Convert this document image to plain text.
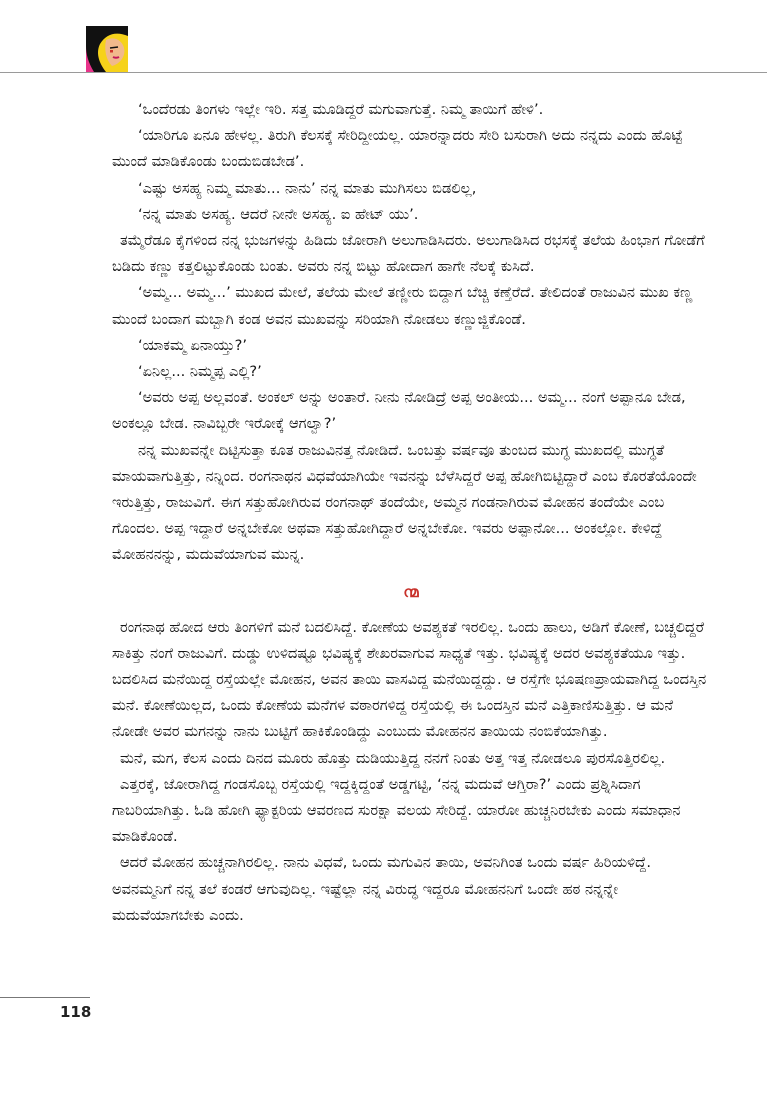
‘ಒಂದೆರಡು ತಿಂಗಳು ಇಲ್ಲೇ ಇರಿ. ಸತ್ತ ಮೂಡಿದ್ದರೆ ಮಗುವಾಗುತ್ತೆ. ನಿಮ್ಮ ತಾಯಿಗೆ ಹೇಳಿ’.

‘ಯಾರಿಗೂ ಏನೂ ಹೇಳಲ್ಲ. ತಿರುಗಿ ಕೆಲಸಕ್ಕೆ ಸೇರಿದ್ದೀಯಲ್ಲ. ಯಾರನ್ನಾದರು ಸೇರಿ ಬಸುರಾಗಿ ಅದು ನನ್ನದು ಎಂದು ಹೊಟ್ಟೆ ಮುಂದೆ ಮಾಡಿಕೊಂಡು ಬಂದುಬಿಡಬೇಡ’.

‘ಎಷ್ಟು ಅಸಹ್ಯ ನಿಮ್ಮ ಮಾತು... ನಾನು’ ನನ್ನ ಮಾತು ಮುಗಿಸಲು ಬಿಡಲಿಲ್ಲ,

‘ನನ್ನ ಮಾತು ಅಸಹ್ಯ. ಆದರೆ ನೀನೇ ಅಸಹ್ಯ. ಐ ಹೇಟ್ ಯು’.

ತಮ್ಮೆರೆಡೂ ಕೈಗಳಿಂದ ನನ್ನ ಭುಜಗಳನ್ನು ಹಿಡಿದು ಜೋರಾಗಿ ಅಲುಗಾಡಿಸಿದರು. ಅಲುಗಾಡಿಸಿದ ರಭಸಕ್ಕೆ ತಲೆಯ ಹಿಂಭಾಗ ಗೋಡೆಗೆ ಬಡಿದು ಕಣ್ಣು ಕತ್ತಲಿಟ್ಟುಕೊಂಡು ಬಂತು. ಅವರು ನನ್ನ ಬಿಟ್ಟು ಹೋದಾಗ ಹಾಗೇ ನೆಲಕ್ಕೆ ಕುಸಿದೆ.

‘ಅಮ್ಮ... ಅಮ್ಮ...’ ಮುಖದ ಮೇಲೆ, ತಲೆಯ ಮೇಲೆ ತಣ್ಣೀರು ಬಿದ್ದಾಗ ಬೆಚ್ಚಿ ಕಣ್ತೆರೆದೆ. ತೇಲಿದಂತೆ ರಾಜುವಿನ ಮುಖ ಕಣ್ಣ ಮುಂದೆ ಬಂದಾಗ ಮಬ್ಬಾಗಿ ಕಂಡ ಅವನ ಮುಖವನ್ನು ಸರಿಯಾಗಿ ನೋಡಲು ಕಣ್ಣುಜ್ಜಿಕೊಂಡೆ.

‘ಯಾಕಮ್ಮ ಏನಾಯ್ತು?’

‘ಏನಿಲ್ಲ... ನಿಮ್ಮಪ್ಪ ಎಲ್ಲಿ?’

‘ಅವರು ಅಪ್ಪ ಅಲ್ಲವಂತೆ. ಅಂಕಲ್ ಅನ್ನು ಅಂತಾರೆ. ನೀನು ನೋಡಿದ್ರೆ ಅಪ್ಪ ಅಂತೀಯ... ಅಮ್ಮ... ನಂಗೆ ಅಪ್ಪಾನೂ ಬೇಡ, ಅಂಕಲ್ಲೂ ಬೇಡ. ನಾವಿಬ್ಬರೇ ಇರೋಕ್ಕೆ ಆಗಲ್ವಾ?’

ನನ್ನ ಮುಖವನ್ನೇ ದಿಟ್ಟಿಸುತ್ತಾ ಕೂತ ರಾಜುವಿನತ್ತ ನೋಡಿದೆ. ಒಂಬತ್ತು ವರ್ಷವೂ ತುಂಬದ ಮುಗ್ಧ ಮುಖದಲ್ಲಿ ಮುಗ್ಧತೆ ಮಾಯವಾಗುತ್ತಿತ್ತು, ನನ್ನಿಂದ. ರಂಗನಾಥನ ವಿಧವೆಯಾಗಿಯೇ ಇವನನ್ನು ಬೆಳೆಸಿದ್ದರೆ ಅಪ್ಪ ಹೋಗಿಬಿಟ್ಟಿದ್ದಾರೆ ಎಂಬ ಕೊರತೆಯೊಂದೇ ಇರುತ್ತಿತ್ತು, ರಾಜುವಿಗೆ. ಈಗ ಸತ್ತುಹೋಗಿರುವ ರಂಗನಾಥ್ ತಂದೆಯೇ, ಅಮ್ಮನ ಗಂಡನಾಗಿರುವ ಮೋಹನ ತಂದೆಯೇ ಎಂಬ ಗೊಂದಲ. ಅಪ್ಪ ಇದ್ದಾರೆ ಅನ್ನಬೇಕೋ ಅಥವಾ ಸತ್ತುಹೋಗಿದ್ದಾರೆ ಅನ್ನಬೇಕೋ. ಇವರು ಅಪ್ಪಾನೋ... ಅಂಕಲ್ಲೋ. ಕೇಳಿದ್ದೆ ಮೋಹನನನ್ನು, ಮದುವೆಯಾಗುವ ಮುನ್ನ.

ന്മ

ರಂಗನಾಥ ಹೋದ ಆರು ತಿಂಗಳಿಗೆ ಮನೆ ಬದಲಿಸಿದ್ದೆ. ಕೋಣೆಯ ಅವಶ್ಯಕತೆ ಇರಲಿಲ್ಲ. ಒಂದು ಹಾಲು, ಅಡಿಗೆ ಕೋಣೆ, ಬಚ್ಚಲಿದ್ದರೆ ಸಾಕಿತ್ತು ನಂಗೆ ರಾಜುವಿಗೆ. ದುಡ್ಡು ಉಳಿದಷ್ಟೂ ಭವಿಷ್ಯಕ್ಕೆ ಶೇಖರವಾಗುವ ಸಾಧ್ಯತೆ ಇತ್ತು. ಭವಿಷ್ಯಕ್ಕೆ ಅದರ ಅವಶ್ಯಕತೆಯೂ ಇತ್ತು. ಬದಲಿಸಿದ ಮನೆಯಿದ್ದ ರಸ್ತೆಯಲ್ಲೇ ಮೋಹನ, ಅವನ ತಾಯಿ ವಾಸವಿದ್ದ ಮನೆಯಿದ್ದದ್ದು. ಆ ರಸ್ತೆಗೇ ಭೂಷಣಪ್ರಾಯವಾಗಿದ್ದ ಒಂದಸ್ತಿನ ಮನೆ. ಕೋಣೆಯಿಲ್ಲದ, ಒಂದು ಕೋಣೆಯ ಮನೆಗಳ ವಠಾರಗಳಿದ್ದ ರಸ್ತೆಯಲ್ಲಿ ಈ ಒಂದಸ್ತಿನ ಮನೆ ಎತ್ತಿಕಾಣಿಸುತ್ತಿತ್ತು. ಆ ಮನೆ ನೋಡೇ ಅವರ ಮಗನನ್ನು ನಾನು ಬುಟ್ಟಿಗೆ ಹಾಕಿಕೊಂಡಿದ್ದು ಎಂಬುದು ಮೋಹನನ ತಾಯಿಯ ನಂಬಿಕೆಯಾಗಿತ್ತು.

ಮನೆ, ಮಗ, ಕೆಲಸ ಎಂದು ದಿನದ ಮೂರು ಹೊತ್ತು ದುಡಿಯುತ್ತಿದ್ದ ನನಗೆ ನಿಂತು ಅತ್ತ ಇತ್ತ ನೋಡಲೂ ಪುರಸೊತ್ತಿರಲಿಲ್ಲ.

ಎತ್ತರಕ್ಕೆ, ಜೋರಾಗಿದ್ದ ಗಂಡಸೊಬ್ಬ ರಸ್ತೆಯಲ್ಲಿ ಇದ್ದಕ್ಕಿದ್ದಂತೆ ಅಡ್ಡಗಟ್ಟಿ, ‘ನನ್ನ ಮದುವೆ ಆಗ್ತಿರಾ?’ ಎಂದು ಪ್ರಶ್ನಿಸಿದಾಗ ಗಾಬರಿಯಾಗಿತ್ತು. ಓಡಿ ಹೋಗಿ ಫ್ಯಾಕ್ಟರಿಯ ಆವರಣದ ಸುರಕ್ಷಾ ವಲಯ ಸೇರಿದ್ದೆ. ಯಾರೋ ಹುಚ್ಚನಿರಬೇಕು ಎಂದು ಸಮಾಧಾನ ಮಾಡಿಕೊಂಡೆ.

ಆದರೆ ಮೋಹನ ಹುಚ್ಚನಾಗಿರಲಿಲ್ಲ. ನಾನು ವಿಧವೆ, ಒಂದು ಮಗುವಿನ ತಾಯಿ, ಅವನಿಗಿಂತ ಒಂದು ವರ್ಷ ಹಿರಿಯಳಿದ್ದೆ. ಅವನಮ್ಮನಿಗೆ ನನ್ನ ತಲೆ ಕಂಡರೆ ಆಗುವುದಿಲ್ಲ. ಇಷ್ಟೆಲ್ಲಾ ನನ್ನ ವಿರುದ್ಧ ಇದ್ದರೂ ಮೋಹನನಿಗೆ ಒಂದೇ ಹಠ ನನ್ನನ್ನೇ ಮದುವೆಯಾಗಬೇಕು ಎಂದು.

118
